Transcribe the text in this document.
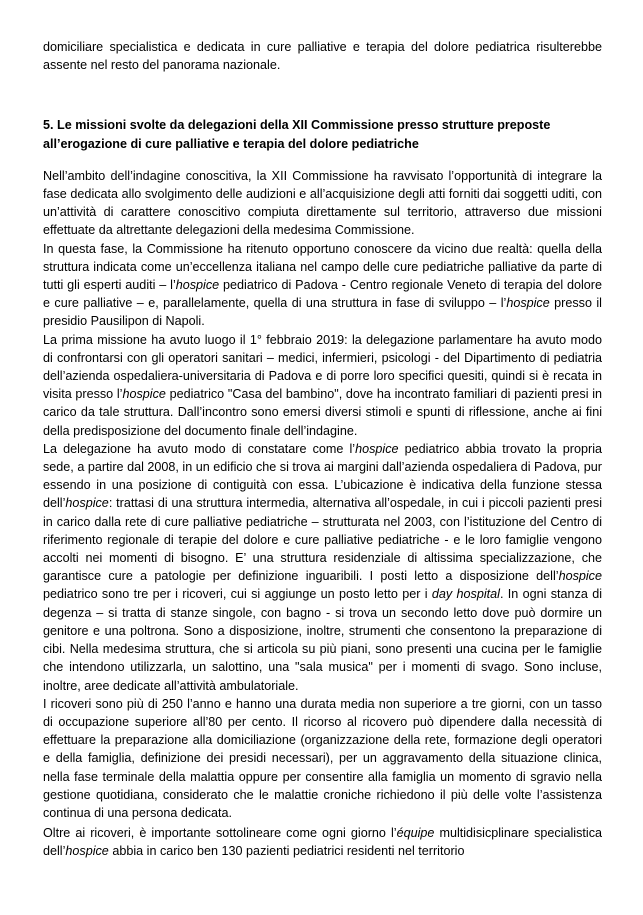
domiciliare specialistica e dedicata in cure palliative e terapia del dolore pediatrica risulterebbe assente nel resto del panorama nazionale.

5. Le missioni svolte da delegazioni della XII Commissione presso strutture preposte all’erogazione di cure palliative e terapia del dolore pediatriche

Nell’ambito dell’indagine conoscitiva, la XII Commissione ha ravvisato l’opportunità di integrare la fase dedicata allo svolgimento delle audizioni e all’acquisizione degli atti forniti dai soggetti uditi, con un’attività di carattere conoscitivo compiuta direttamente sul territorio, attraverso due missioni effettuate da altrettante delegazioni della medesima Commissione.

In questa fase, la Commissione ha ritenuto opportuno conoscere da vicino due realtà: quella della struttura indicata come un’eccellenza italiana nel campo delle cure pediatriche palliative da parte di tutti gli esperti auditi – l’hospice pediatrico di Padova - Centro regionale Veneto di terapia del dolore e cure palliative – e, parallelamente, quella di una struttura in fase di sviluppo – l’hospice presso il presidio Pausilipon di Napoli.

La prima missione ha avuto luogo il 1° febbraio 2019: la delegazione parlamentare ha avuto modo di confrontarsi con gli operatori sanitari – medici, infermieri, psicologi - del Dipartimento di pediatria dell’azienda ospedaliera-universitaria di Padova e di porre loro specifici quesiti, quindi si è recata in visita presso l’hospice pediatrico "Casa del bambino", dove ha incontrato familiari di pazienti presi in carico da tale struttura. Dall’incontro sono emersi diversi stimoli e spunti di riflessione, anche ai fini della predisposizione del documento finale dell’indagine.

La delegazione ha avuto modo di constatare come l’hospice pediatrico abbia trovato la propria sede, a partire dal 2008, in un edificio che si trova ai margini dall’azienda ospedaliera di Padova, pur essendo in una posizione di contiguità con essa. L’ubicazione è indicativa della funzione stessa dell’hospice: trattasi di una struttura intermedia, alternativa all’ospedale, in cui i piccoli pazienti presi in carico dalla rete di cure palliative pediatriche – strutturata nel 2003, con l’istituzione del Centro di riferimento regionale di terapie del dolore e cure palliative pediatriche - e le loro famiglie vengono accolti nei momenti di bisogno. E’ una struttura residenziale di altissima specializzazione, che garantisce cure a patologie per definizione inguaribili. I posti letto a disposizione dell’hospice pediatrico sono tre per i ricoveri, cui si aggiunge un posto letto per i day hospital. In ogni stanza di degenza – si tratta di stanze singole, con bagno - si trova un secondo letto dove può dormire un genitore e una poltrona. Sono a disposizione, inoltre, strumenti che consentono la preparazione di cibi. Nella medesima struttura, che si articola su più piani, sono presenti una cucina per le famiglie che intendono utilizzarla, un salottino, una "sala musica" per i momenti di svago. Sono incluse, inoltre, aree dedicate all’attività ambulatoriale.

I ricoveri sono più di 250 l’anno e hanno una durata media non superiore a tre giorni, con un tasso di occupazione superiore all’80 per cento. Il ricorso al ricovero può dipendere dalla necessità di effettuare la preparazione alla domiciliazione (organizzazione della rete, formazione degli operatori e della famiglia, definizione dei presidi necessari), per un aggravamento della situazione clinica, nella fase terminale della malattia oppure per consentire alla famiglia un momento di sgravio nella gestione quotidiana, considerato che le malattie croniche richiedono il più delle volte l’assistenza continua di una persona dedicata.

Oltre ai ricoveri, è importante sottolineare come ogni giorno l’équipe multidisicplinare specialistica dell’hospice abbia in carico ben 130 pazienti pediatrici residenti nel territorio
